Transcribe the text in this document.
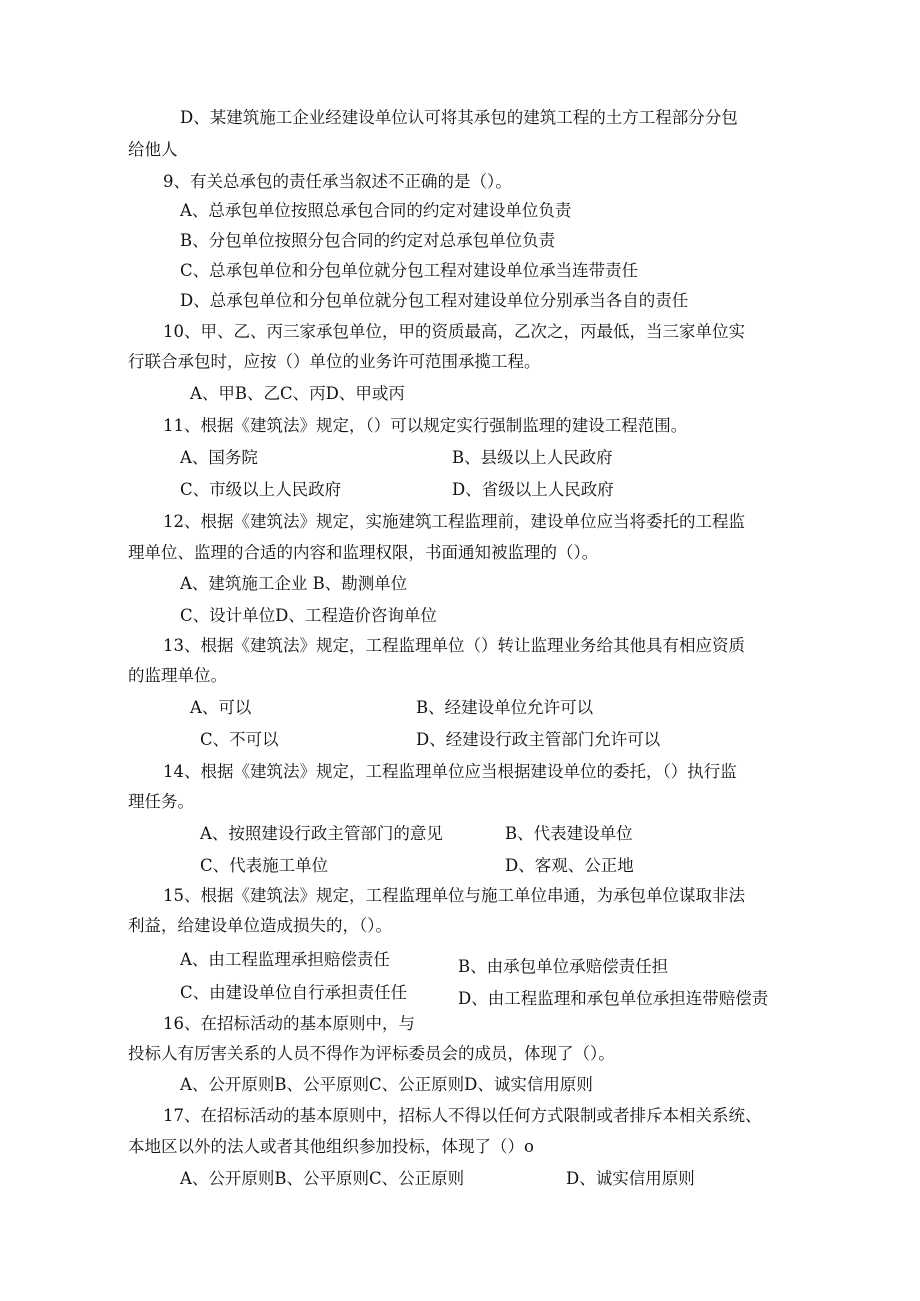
D、某建筑施工企业经建设单位认可将其承包的建筑工程的土方工程部分分包
给他人
9、有关总承包的责任承当叙述不正确的是（）。
A、总承包单位按照总承包合同的约定对建设单位负责
B、分包单位按照分包合同的约定对总承包单位负责
C、总承包单位和分包单位就分包工程对建设单位承当连带责任
D、总承包单位和分包单位就分包工程对建设单位分别承当各自的责任
10、甲、乙、丙三家承包单位，甲的资质最高，乙次之，丙最低，当三家单位实
行联合承包时，应按（）单位的业务许可范围承揽工程。
A、甲B、乙C、丙D、甲或丙
11、根据《建筑法》规定，（）可以规定实行强制监理的建设工程范围。
A、国务院	B、县级以上人民政府
C、市级以上人民政府	D、省级以上人民政府
12、根据《建筑法》规定，实施建筑工程监理前，建设单位应当将委托的工程监
理单位、监理的合适的内容和监理权限，书面通知被监理的（）。
A、建筑施工企业 B、勘测单位
C、设计单位D、工程造价咨询单位
13、根据《建筑法》规定，工程监理单位（）转让监理业务给其他具有相应资质
的监理单位。
A、可以	B、经建设单位允许可以
C、不可以	D、经建设行政主管部门允许可以
14、根据《建筑法》规定，工程监理单位应当根据建设单位的委托，（）执行监
理任务。
A、按照建设行政主管部门的意见	B、代表建设单位
C、代表施工单位	D、客观、公正地
15、根据《建筑法》规定，工程监理单位与施工单位串通，为承包单位谋取非法
利益，给建设单位造成损失的，（）。
A、由工程监理承担赔偿责任	B、由承包单位承赔偿责任担
C、由建设单位自行承担责任任	D、由工程监理和承包单位承担连带赔偿责
16、在招标活动的基本原则中，与
投标人有厉害关系的人员不得作为评标委员会的成员，体现了（）。
A、公开原则B、公平原则C、公正原则D、诚实信用原则
17、在招标活动的基本原则中，招标人不得以任何方式限制或者排斥本相关系统、
本地区以外的法人或者其他组织参加投标，体现了（）o
A、公开原则B、公平原则C、公正原则	D、诚实信用原则
